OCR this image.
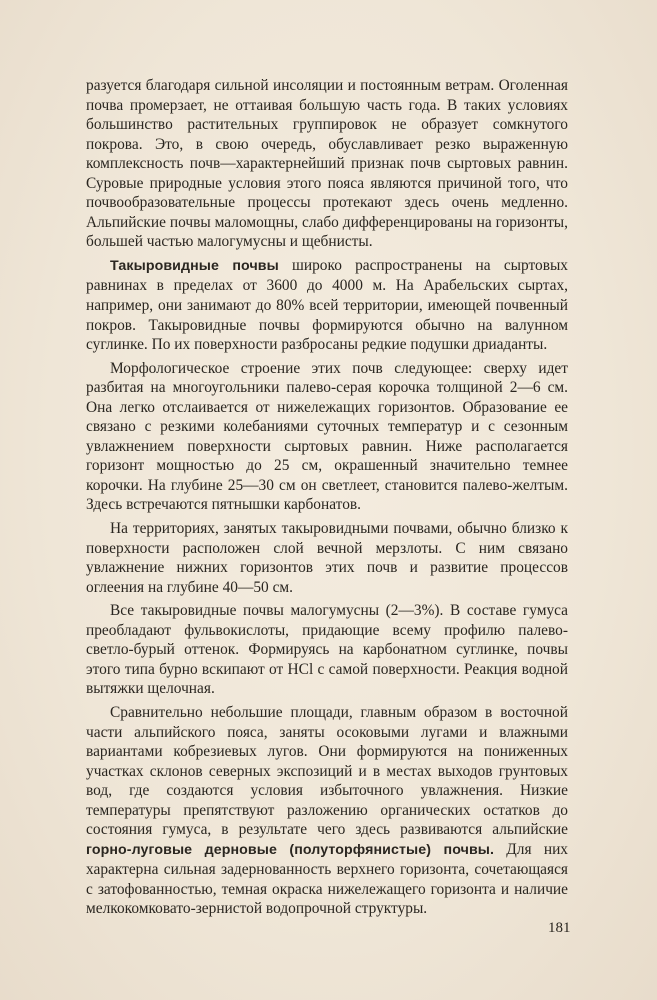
разуется благодаря сильной инсоляции и постоянным ветрам. Оголенная почва промерзает, не оттаивая большую часть года. В таких условиях большинство растительных группировок не образует сомкнутого покрова. Это, в свою очередь, обуславливает резко выраженную комплексность почв—характернейший признак почв сыртовых равнин. Суровые природные условия этого пояса являются причиной того, что почвообразовательные процессы протекают здесь очень медленно. Альпийские почвы маломощны, слабо дифференцированы на горизонты, большей частью малогумусны и щебнисты.

Такыровидные почвы широко распространены на сыртовых равнинах в пределах от 3600 до 4000 м. На Арабельских сыртах, например, они занимают до 80% всей территории, имеющей почвенный покров. Такыровидные почвы формируются обычно на валунном суглинке. По их поверхности разбросаны редкие подушки дриаданты.

Морфологическое строение этих почв следующее: сверху идет разбитая на многоугольники палево-серая корочка толщиной 2—6 см. Она легко отслаивается от нижележащих горизонтов. Образование ее связано с резкими колебаниями суточных температур и с сезонным увлажнением поверхности сыртовых равнин. Ниже располагается горизонт мощностью до 25 см, окрашенный значительно темнее корочки. На глубине 25—30 см он светлеет, становится палево-желтым. Здесь встречаются пятнышки карбонатов.

На территориях, занятых такыровидными почвами, обычно близко к поверхности расположен слой вечной мерзлоты. С ним связано увлажнение нижних горизонтов этих почв и развитие процессов оглеения на глубине 40—50 см.

Все такыровидные почвы малогумусны (2—3%). В составе гумуса преобладают фульвокислоты, придающие всему профилю палево-светло-бурый оттенок. Формируясь на карбонатном суглинке, почвы этого типа бурно вскипают от HCl с самой поверхности. Реакция водной вытяжки щелочная.

Сравнительно небольшие площади, главным образом в восточной части альпийского пояса, заняты осоковыми лугами и влажными вариантами кобрезиевых лугов. Они формируются на пониженных участках склонов северных экспозиций и в местах выходов грунтовых вод, где создаются условия избыточного увлажнения. Низкие температуры препятствуют разложению органических остатков до состояния гумуса, в результате чего здесь развиваются альпийские горно-луговые дерновые (полуторфянистые) почвы. Для них характерна сильная задернованность верхнего горизонта, сочетающаяся с затофованностью, темная окраска нижележащего горизонта и наличие мелкокомковато-зернистой водопрочной структуры.

181
